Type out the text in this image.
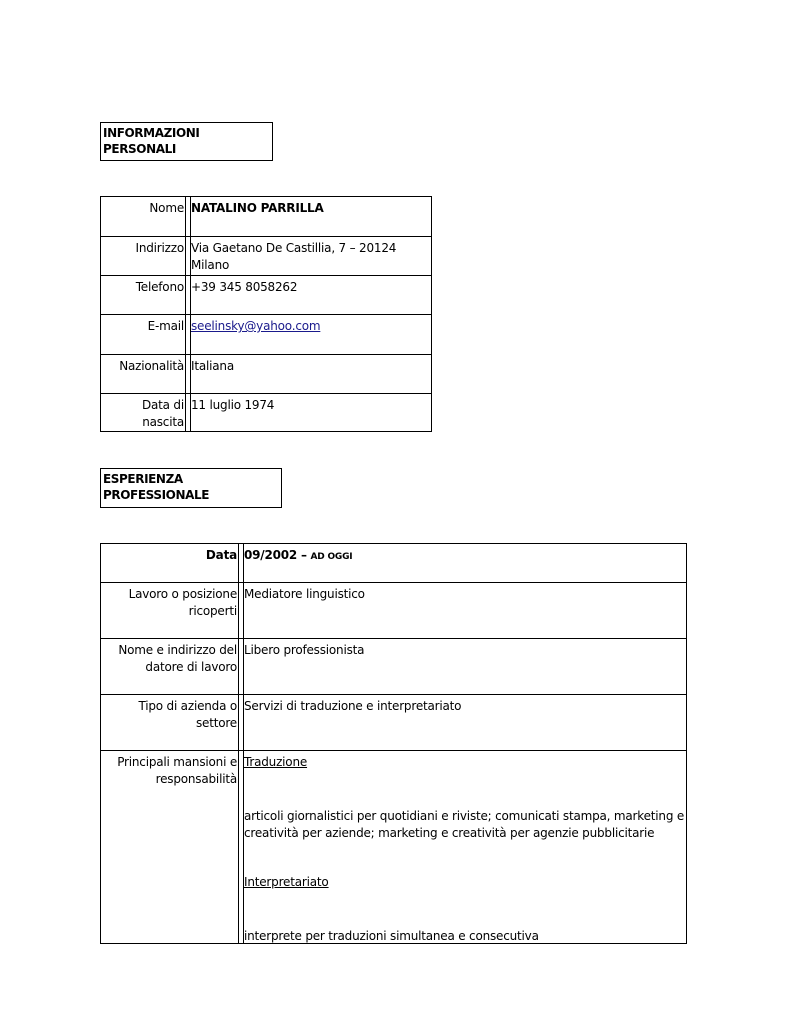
INFORMAZIONI PERSONALI
Nome NATALINO PARRILLA
Indirizzo Via Gaetano De Castillia, 7 – 20124 Milano
Telefono +39 345 8058262
E-mail seelinsky@yahoo.com
Nazionalità Italiana
Data di nascita
11 luglio 1974
ESPERIENZA PROFESSIONALE
Data 09/2002 – AD OGGI
Lavoro o posizione
ricoperti
Mediatore linguistico
Nome e indirizzo del
datore di lavoro
Libero professionista
Tipo di azienda o
settore
Servizi di traduzione e interpretariato
Principali mansioni e
responsabilità
Traduzione
articoli giornalistici per quotidiani e riviste; comunicati stampa, marketing e
creatività per aziende; marketing e creatività per agenzie pubblicitarie
Interpretariato
interprete per traduzioni simultanea e consecutiva
